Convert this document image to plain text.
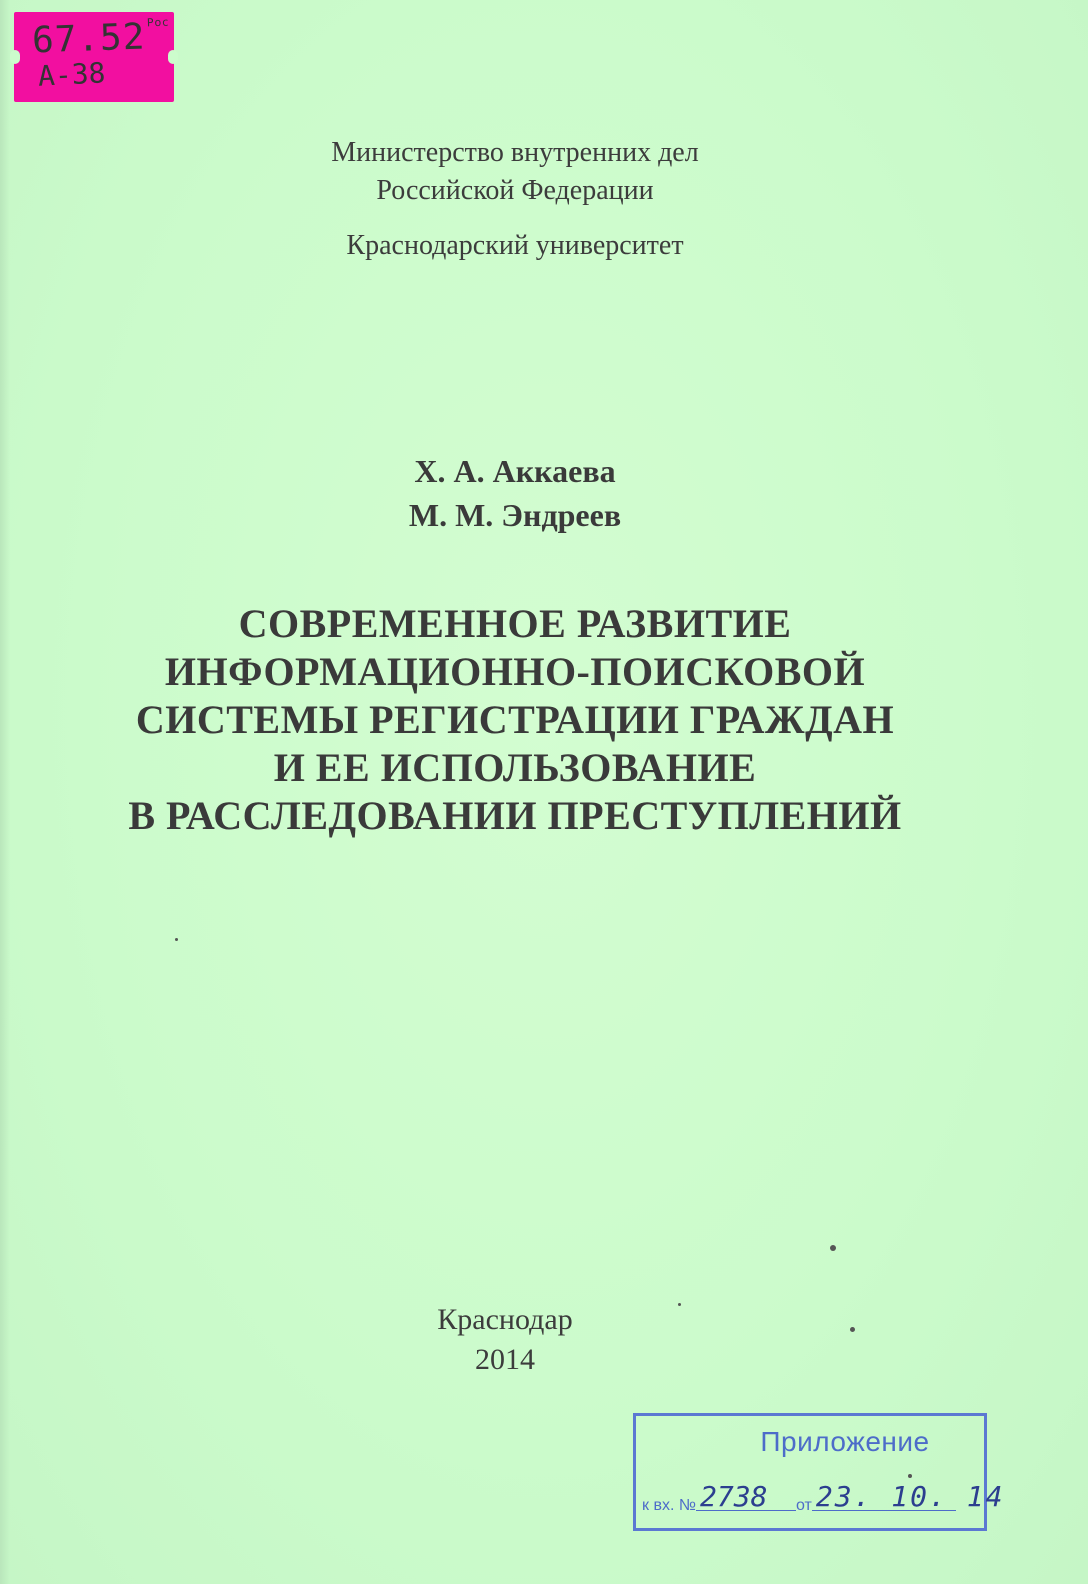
$67.52^{Рос}$
А-38
Министерство внутренних дел
Российской Федерации
Краснодарский университет
Х. А. Аккаева
М. М. Эндреев
СОВРЕМЕННОЕ РАЗВИТИЕ
ИНФОРМАЦИОННО-ПОИСКОВОЙ
СИСТЕМЫ РЕГИСТРАЦИИ ГРАЖДАН
И ЕЕ ИСПОЛЬЗОВАНИЕ
В РАССЛЕДОВАНИИ ПРЕСТУПЛЕНИЙ
Краснодар
2014
Приложение
к вх. № 2738 от 23. 10. 14
